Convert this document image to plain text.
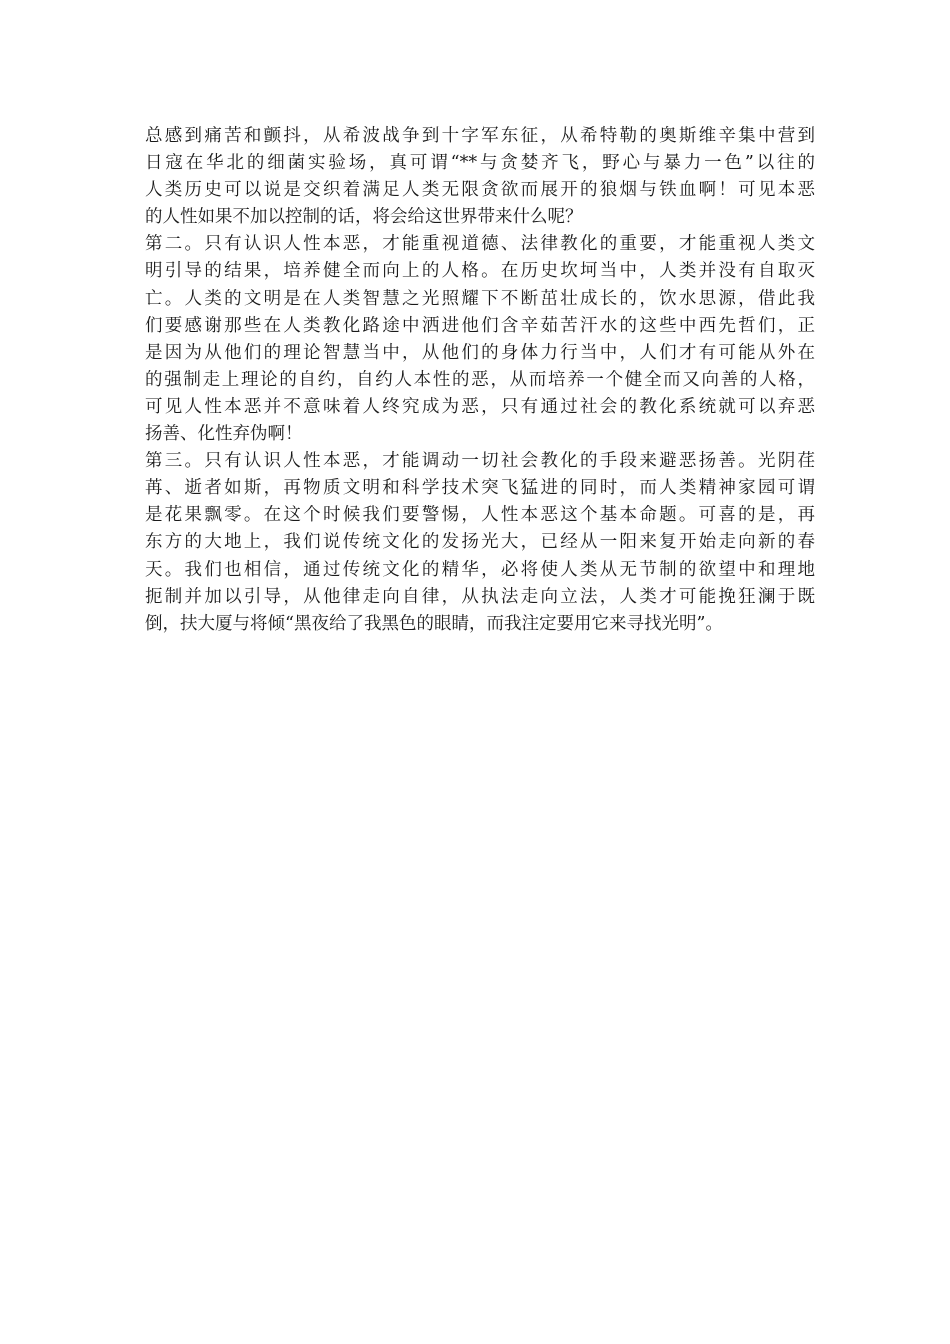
总感到痛苦和颤抖，从希波战争到十字军东征，从希特勒的奥斯维辛集中营到
日寇在华北的细菌实验场，真可谓“**与贪婪齐飞，野心与暴力一色”以往的
人类历史可以说是交织着满足人类无限贪欲而展开的狼烟与铁血啊！可见本恶
的人性如果不加以控制的话，将会给这世界带来什么呢？
第二。只有认识人性本恶，才能重视道德、法律教化的重要，才能重视人类文
明引导的结果，培养健全而向上的人格。在历史坎坷当中，人类并没有自取灭
亡。人类的文明是在人类智慧之光照耀下不断茁壮成长的，饮水思源，借此我
们要感谢那些在人类教化路途中洒进他们含辛茹苦汗水的这些中西先哲们，正
是因为从他们的理论智慧当中，从他们的身体力行当中，人们才有可能从外在
的强制走上理论的自约，自约人本性的恶，从而培养一个健全而又向善的人格，
可见人性本恶并不意味着人终究成为恶，只有通过社会的教化系统就可以弃恶
扬善、化性弃伪啊！
第三。只有认识人性本恶，才能调动一切社会教化的手段来避恶扬善。光阴荏
苒、逝者如斯，再物质文明和科学技术突飞猛进的同时，而人类精神家园可谓
是花果飘零。在这个时候我们要警惕，人性本恶这个基本命题。可喜的是，再
东方的大地上，我们说传统文化的发扬光大，已经从一阳来复开始走向新的春
天。我们也相信，通过传统文化的精华，必将使人类从无节制的欲望中和理地
扼制并加以引导，从他律走向自律，从执法走向立法，人类才可能挽狂澜于既
倒，扶大厦与将倾“黑夜给了我黑色的眼睛，而我注定要用它来寻找光明”。
